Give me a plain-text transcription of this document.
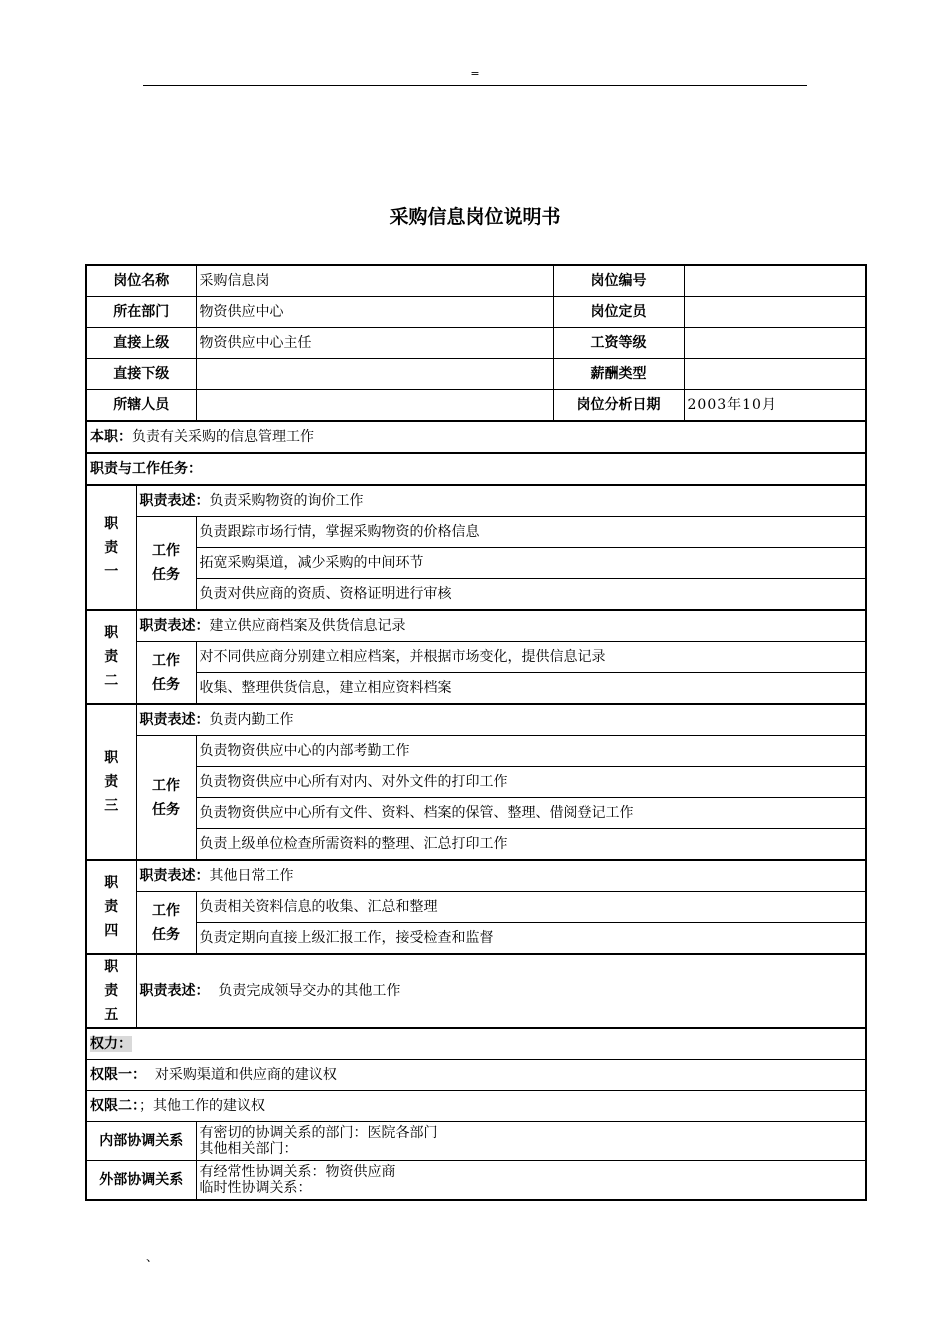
=
采购信息岗位说明书
岗位名称		采购信息岗	岗位编号	
所在部门		物资供应中心	岗位定员	
直接上级		物资供应中心主任	工资等级	
直接下级			薪酬类型	
所辖人员			岗位分析日期	2003年10月
本职：负责有关采购的信息管理工作				
职责与工作任务：				

职
责
一	职责表述：负责采购物资的询价工作			

	工作
任务	负责跟踪市场行情，掌握采购物资的价格信息		
		拓宽采购渠道，减少采购的中间环节		
		负责对供应商的资质、资格证明进行审核		

职
责
二	职责表述：建立供应商档案及供货信息记录			

	工作
任务	对不同供应商分别建立相应档案，并根据市场变化，提供信息记录		
		收集、整理供货信息，建立相应资料档案		

职
责
三	职责表述：负责内勤工作			

	工作
任务	负责物资供应中心的内部考勤工作		
		负责物资供应中心所有对内、对外文件的打印工作		
		负责物资供应中心所有文件、资料、档案的保管、整理、借阅登记工作		
		负责上级单位检查所需资料的整理、汇总打印工作		

职
责
四	职责表述：其他日常工作			

	工作
任务	负责相关资料信息的收集、汇总和整理		
		负责定期向直接上级汇报工作，接受检查和监督		

职
责
五	职责表述： 负责完成领导交办的其他工作			
权力：				
权限一： 对采购渠道和供应商的建议权				
权限二：；其他工作的建议权				
内部协调关系		有密切的协调关系的部门：医院各部门
其他相关部门：		

外部协调关系		有经常性协调关系：物资供应商
临时性协调关系：		
、
